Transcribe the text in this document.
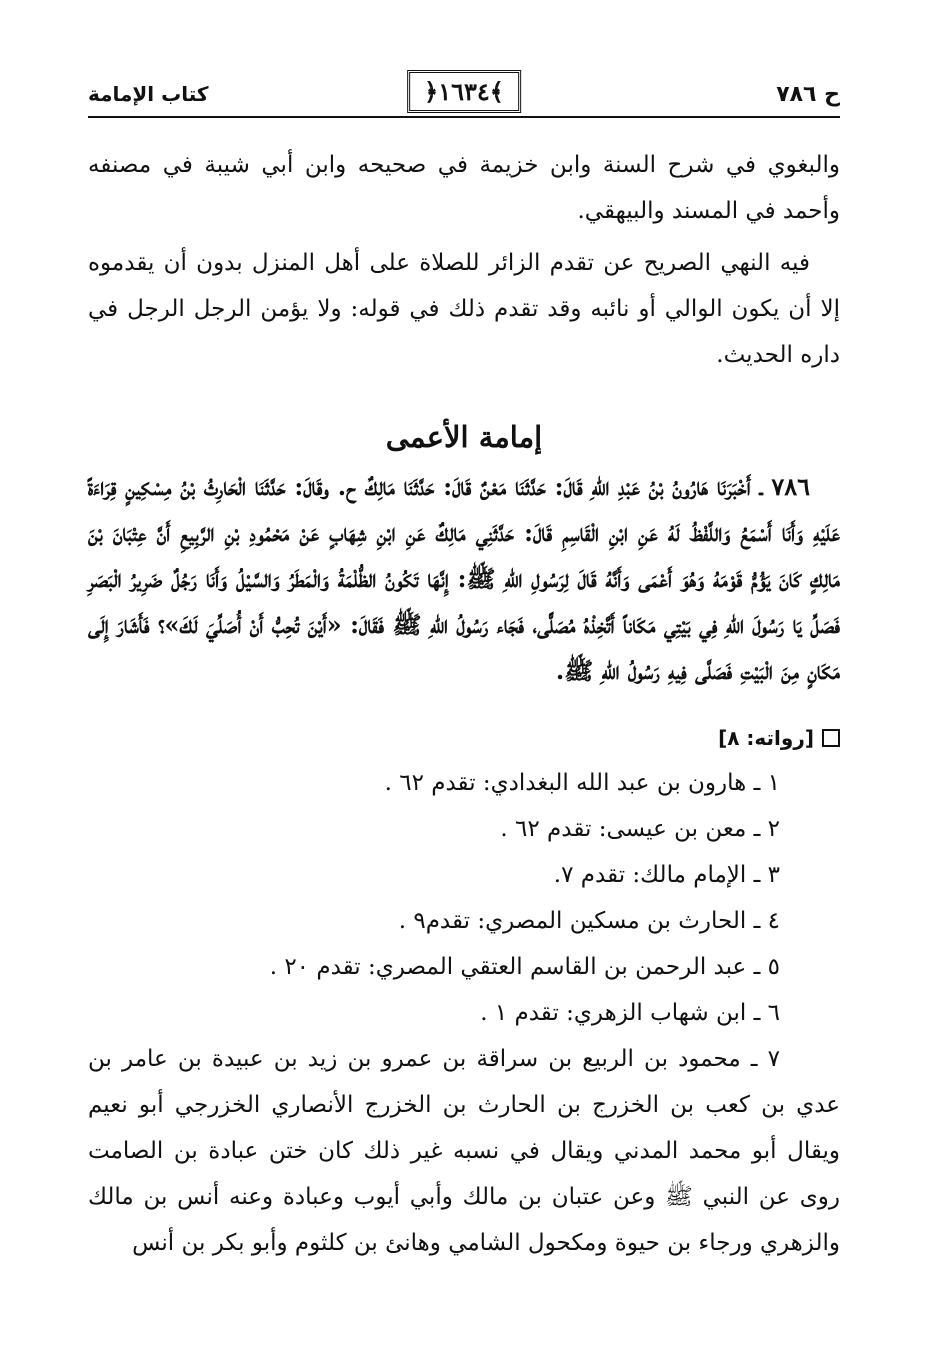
ح ٧٨٦
﴿١٦٣٤﴾
كتاب الإمامة

والبغوي في شرح السنة وابن خزيمة في صحيحه وابن أبي شيبة في مصنفه وأحمد في المسند والبيهقي.

فيه النهي الصريح عن تقدم الزائر للصلاة على أهل المنزل بدون أن يقدموه إلا أن يكون الوالي أو نائبه وقد تقدم ذلك في قوله: ولا يؤمن الرجل الرجل في داره الحديث.

إمامة الأعمى

٧٨٦ ـ أَخْبَرَنَا هَارُونُ بْنُ عَبْدِ اللهِ قَالَ: حَدَّثَنَا مَعْنٌ قَالَ: حَدَّثَنَا مَالِكٌ ح. وقَالَ: حَدَّثَنَا الْحَارِثُ بْنُ مِسْكِينٍ قِرَاءَةً عَلَيْهِ وَأَنَا أَسْمَعُ وَاللَّفْظُ لَهُ عَنِ ابْنِ الْقَاسِمِ قَالَ: حَدَّثَنِي مَالِكٌ عَنِ ابْنِ شِهَابٍ عَنْ مَحْمُودِ بْنِ الرَّبِيعِ أَنَّ عِتْبَانَ بْنَ مَالِكٍ كَانَ يَؤُمُّ قَوْمَهُ وَهُوَ أَعْمَى وَأَنَّهُ قَالَ لِرَسُولِ اللهِ ﷺ: إِنَّهَا تَكُونُ الظُّلْمَةُ وَالْمَطَرُ وَالسَّيْلُ وَأَنَا رَجُلٌ ضَرِيرُ الْبَصَرِ فَصَلِّ يَا رَسُولَ اللهِ فِي بَيْتِي مَكَاناً أَتَّخِذْهُ مُصَلًّى، فَجَاء رَسُولُ اللهِ ﷺ فَقَالَ: «أَيْنَ تُحِبُّ أَنْ أُصَلِّيَ لَكَ»؟ فَأَشَارَ إِلَى مَكَانٍ مِنَ الْبَيْتِ فَصَلَّى فِيهِ رَسُولُ اللهِ ﷺ.

[رواته: ٨]
١ ـ هارون بن عبد الله البغدادي: تقدم ٦٢ .
٢ ـ معن بن عيسى: تقدم ٦٢ .
٣ ـ الإمام مالك: تقدم ٧.
٤ ـ الحارث بن مسكين المصري: تقدم٩ .
٥ ـ عبد الرحمن بن القاسم العتقي المصري: تقدم ٢٠ .
٦ ـ ابن شهاب الزهري: تقدم ١ .

٧ ـ محمود بن الربيع بن سراقة بن عمرو بن زيد بن عبيدة بن عامر بن عدي بن كعب بن الخزرج بن الحارث بن الخزرج الأنصاري الخزرجي أبو نعيم ويقال أبو محمد المدني ويقال في نسبه غير ذلك كان ختن عبادة بن الصامت روى عن النبي ﷺ وعن عتبان بن مالك وأبي أيوب وعبادة وعنه أنس بن مالك والزهري ورجاء بن حيوة ومكحول الشامي وهانئ بن كلثوم وأبو بكر بن أنس
